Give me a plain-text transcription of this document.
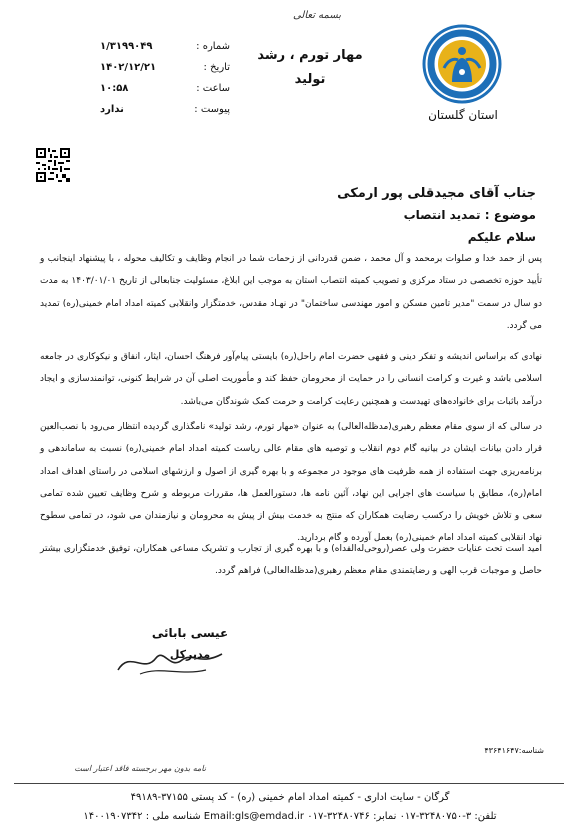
استان گلستان
بسمه تعالی
مهار تورم ، رشد
تولید
شماره :
۱/۳۱۹۹۰۴۹
تاریخ :
۱۴۰۲/۱۲/۲۱
ساعت :
۱۰:۵۸
پیوست :
ندارد
جناب آقای مجیدقلی پور ارمکی
موضوع : تمدید انتصاب
سلام علیکم

پس از حمد خدا و صلوات برمحمد و آل محمد ، ضمن قدردانی از زحمات شما در انجام وظایف و تکالیف محوله ، با پیشنهاد اینجانب و تأیید حوزه تخصصی در ستاد مرکزی و تصویب کمیته انتصاب استان به موجب این ابلاغ، مسئولیت جنابعالی از تاریخ ۱۴۰۳/۰۱/۰۱ به مدت دو سال در سمت "مدیر تامین مسکن و امور مهندسی ساختمان" در نهـاد مقدس، خدمتگزار وانقلابی کمیته امداد امام خمینی(ره) تمدید می گردد.

نهادی که براساس اندیشه و تفکر دینی و فقهی حضرت امام راحل(ره) بایستی پیام‌آور فرهنگ احسان، ایثار، انفاق و نیکوکاری در جامعه اسلامی باشد و غیرت و کرامت انسانی را در حمایت از محرومان حفظ کند و مأموریت اصلی آن در شرایط کنونی، توانمندسازی و ایجاد درآمد باثبات برای خانواده‌های تهیدست و همچنین رعایت کرامت و حرمت کمک شوندگان می‌باشد.

در سالی که از سوی مقام معظم رهبری(مدظله‌العالی) به عنوان «مهار تورم، رشد تولید» نامگذاری گردیده انتظار می‌رود با نصب‌العین قرار دادن بیانات ایشان در بیانیه گام دوم انقلاب و توصیه های مقام عالی ریاست کمیته امداد امام خمینی(ره) نسبت به ساماندهی و برنامه‌ریزی جهت استفاده از همه ظرفیت های موجود در مجموعه و با بهره گیری از اصول و ارزشهای اسلامی در راستای اهداف امداد امام(ره)، مطابق با سیاست های اجرایی این نهاد، آئین نامه ها، دستورالعمل ها، مقررات مربوطه و شرح وظایف تعیین شده تمامی سعی و تلاش خویش را درکسب رضایت همکاران که منتج به خدمت بیش از پیش به محرومان و نیازمندان می شود، در تمامی سطوح نهاد انقلابی کمیته امداد امام خمینی(ره) بعمل آورده و گام بردارید.

امید است تحت عنایات حضرت ولی عصر(روحی‌له‌الفداه) و با بهره گیری از تجارب و تشریک مساعی همکاران، توفیق خدمتگزاری بیشتر حاصل و موجبات قرب الهی و رضایتمندی مقام معظم رهبری(مدظله‌العالی) فراهم گردد.

عیسی بابائی
مدیرکل
شناسه:۴۳۶۴۱۶۴۷
نامه بدون مهر برجسته فاقد اعتبار است
گرگان - سایت اداری - کمیته امداد امام خمینی (ره) - کد پستی ۳۷۱۵۵-۴۹۱۸۹
تلفن: ۳-۳۲۴۸۰۷۵۰-۰۱۷ نمابر: ۳۲۴۸۰۷۴۶-۰۱۷ Email:gls@emdad.ir شناسه ملی : ۱۴۰۰۱۹۰۷۳۴۲
